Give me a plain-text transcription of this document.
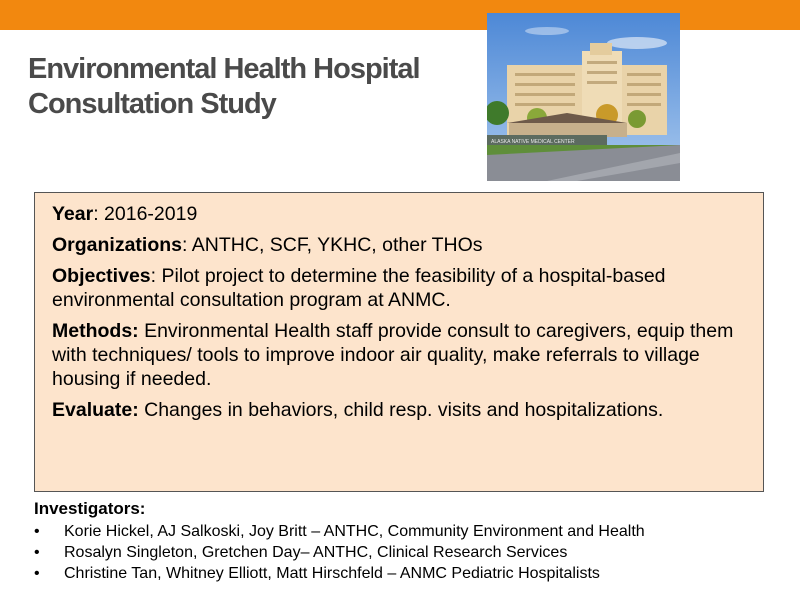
Environmental Health Hospital
Consultation Study
ALASKA NATIVE MEDICAL CENTER

Year: 2016-2019

Organizations: ANTHC, SCF, YKHC, other THOs

Objectives: Pilot project to determine the feasibility of a hospital-based environmental consultation program at ANMC.

Methods: Environmental Health staff provide consult to caregivers, equip them with techniques/ tools to improve indoor air quality, make referrals to village housing if needed.

Evaluate: Changes in behaviors, child resp. visits and hospitalizations.

Investigators:
• Korie Hickel, AJ Salkoski, Joy Britt – ANTHC, Community Environment and Health
• Rosalyn Singleton, Gretchen Day– ANTHC, Clinical Research Services
• Christine Tan, Whitney Elliott, Matt Hirschfeld – ANMC Pediatric Hospitalists
